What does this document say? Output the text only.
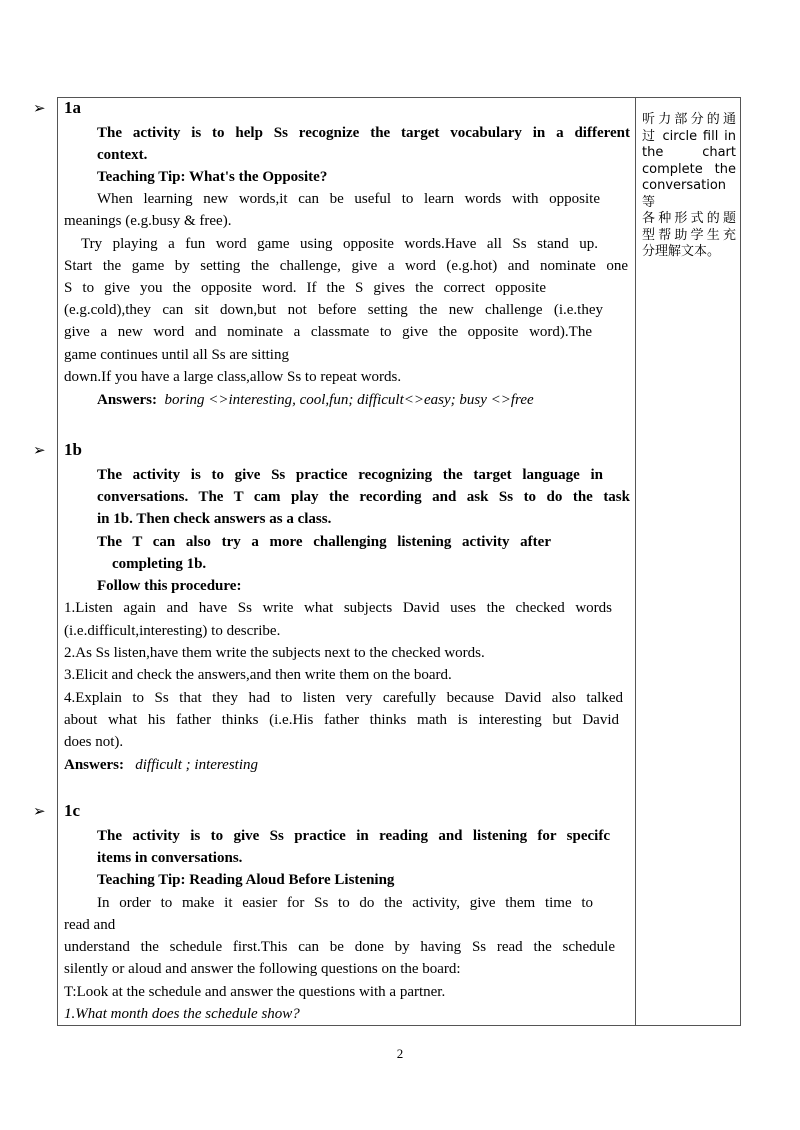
➢
➢
➢
1a
The activity is to help Ss recognize the target vocabulary in a different
context.
Teaching Tip: What's the Opposite?
When learning new words,it can be useful to learn words with opposite
meanings (e.g.busy & free).
Try playing a fun word game using opposite words.Have all Ss stand up.
Start the game by setting the challenge, give a word (e.g.hot) and nominate one
S to give you the opposite word. If the S gives the correct opposite
(e.g.cold),they can sit down,but not before setting the new challenge (i.e.they
give a new word and nominate a classmate to give the opposite word).The
game continues until all Ss are sitting
down.If you have a large class,allow Ss to repeat words.
Answers: boring <>interesting, cool,fun; difficult<>easy; busy <>free
1b
The activity is to give Ss practice recognizing the target language in
conversations. The T cam play the recording and ask Ss to do the task
in 1b. Then check answers as a class.
The T can also try a more challenging listening activity after
completing 1b.
Follow this procedure:
1.Listen again and have Ss write what subjects David uses the checked words
(i.e.difficult,interesting) to describe.
2.As Ss listen,have them write the subjects next to the checked words.
3.Elicit and check the answers,and then write them on the board.
4.Explain to Ss that they had to listen very carefully because David also talked
about what his father thinks (i.e.His father thinks math is interesting but David
does not).
Answers: difficult ; interesting
1c
The activity is to give Ss practice in reading and listening for specifc
items in conversations.
Teaching Tip: Reading Aloud Before Listening
In order to make it easier for Ss to do the activity, give them time to
read and
understand the schedule first.This can be done by having Ss read the schedule
silently or aloud and answer the following questions on the board:
T:Look at the schedule and answer the questions with a partner.
1.What month does the schedule show?
听力部分的通
过 circle fill in
the chart
complete the
conversation 等
各种形式的题
型帮助学生充
分理解文本。
2
